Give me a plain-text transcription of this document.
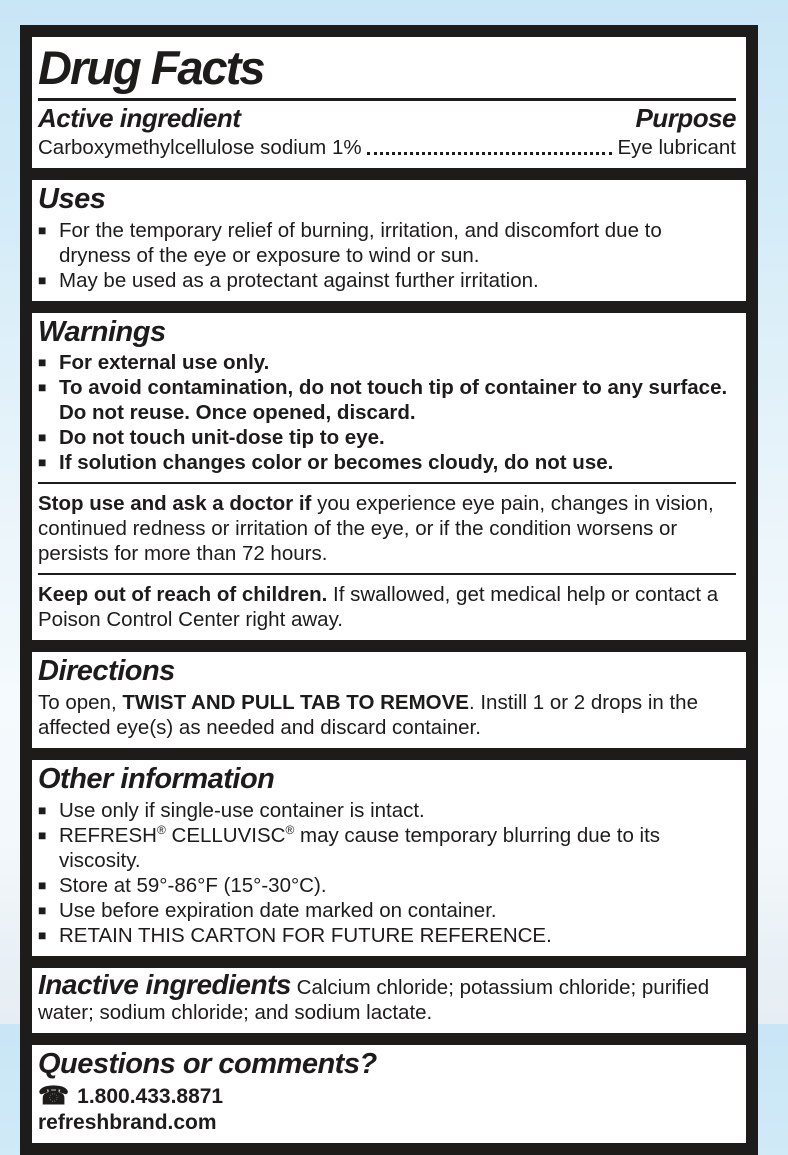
Drug Facts
Active ingredient	Purpose
Carboxymethylcellulose sodium 1%	Eye lubricant
Uses
■ For the temporary relief of burning, irritation, and discomfort due to dryness of the eye or exposure to wind or sun.
■ May be used as a protectant against further irritation.
Warnings
■ For external use only.
■ To avoid contamination, do not touch tip of container to any surface. Do not reuse. Once opened, discard.
■ Do not touch unit-dose tip to eye.
■ If solution changes color or becomes cloudy, do not use.

Stop use and ask a doctor if you experience eye pain, changes in vision, continued redness or irritation of the eye, or if the condition worsens or persists for more than 72 hours.

Keep out of reach of children. If swallowed, get medical help or contact a Poison Control Center right away.

Directions

To open, TWIST AND PULL TAB TO REMOVE. Instill 1 or 2 drops in the affected eye(s) as needed and discard container.

Other information
■ Use only if single-use container is intact.
■ REFRESH® CELLUVISC® may cause temporary blurring due to its viscosity.
■ Store at 59°-86°F (15°-30°C).
■ Use before expiration date marked on container.
■ RETAIN THIS CARTON FOR FUTURE REFERENCE.

Inactive ingredients Calcium chloride; potassium chloride; purified water; sodium chloride; and sodium lactate.

Questions or comments?
☎ 1.800.433.8871

refreshbrand.com
